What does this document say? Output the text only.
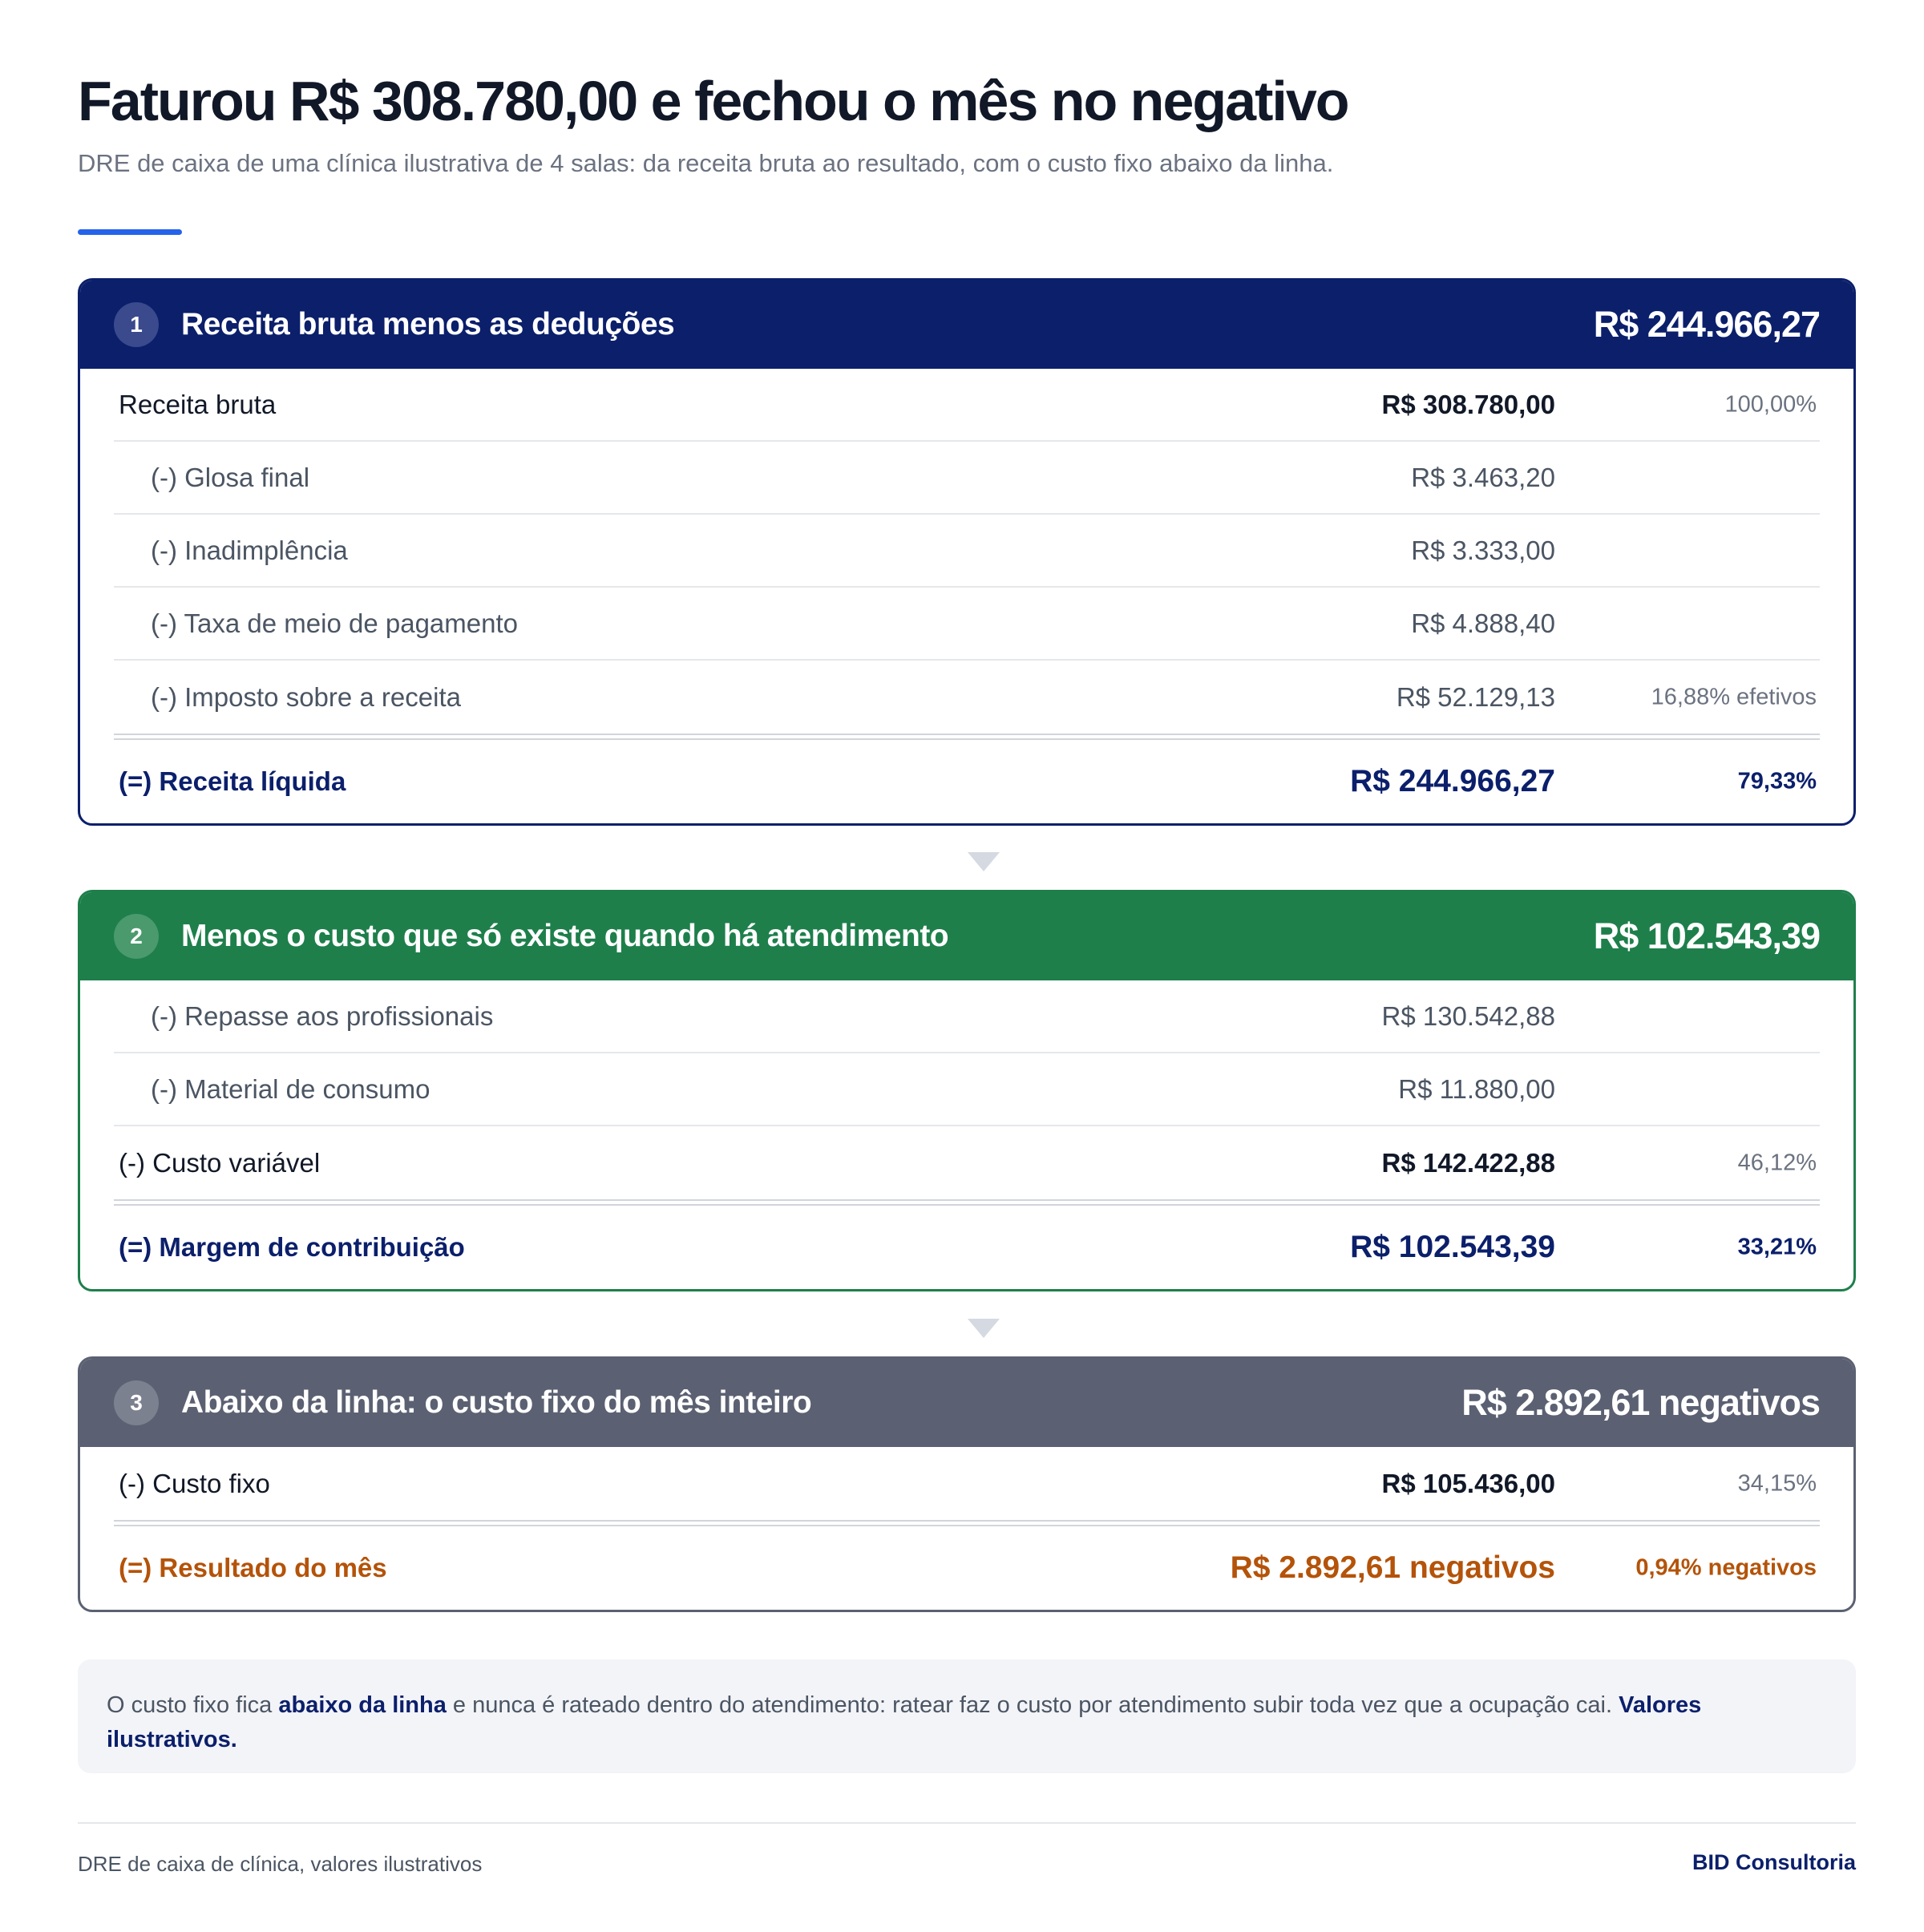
Faturou R$ 308.780,00 e fechou o mês no negativo

DRE de caixa de uma clínica ilustrativa de 4 salas: da receita bruta ao resultado, com o custo fixo abaixo da linha.

1	Receita bruta menos as deduções	R$ 244.966,27
Receita bruta	R$ 308.780,00	100,00%
(-) Glosa final	R$ 3.463,20
(-) Inadimplência	R$ 3.333,00
(-) Taxa de meio de pagamento	R$ 4.888,40
(-) Imposto sobre a receita	R$ 52.129,13	16,88% efetivos
(=) Receita líquida	R$ 244.966,27	79,33%
2	Menos o custo que só existe quando há atendimento	R$ 102.543,39
(-) Repasse aos profissionais	R$ 130.542,88
(-) Material de consumo	R$ 11.880,00
(-) Custo variável	R$ 142.422,88	46,12%
(=) Margem de contribuição	R$ 102.543,39	33,21%
3	Abaixo da linha: o custo fixo do mês inteiro	R$ 2.892,61 negativos
(-) Custo fixo	R$ 105.436,00	34,15%
(=) Resultado do mês	R$ 2.892,61 negativos	0,94% negativos
O custo fixo fica abaixo da linha e nunca é rateado dentro do atendimento: ratear faz o custo por atendimento subir toda vez que a ocupação cai. Valores ilustrativos.
DRE de caixa de clínica, valores ilustrativos	BID Consultoria
